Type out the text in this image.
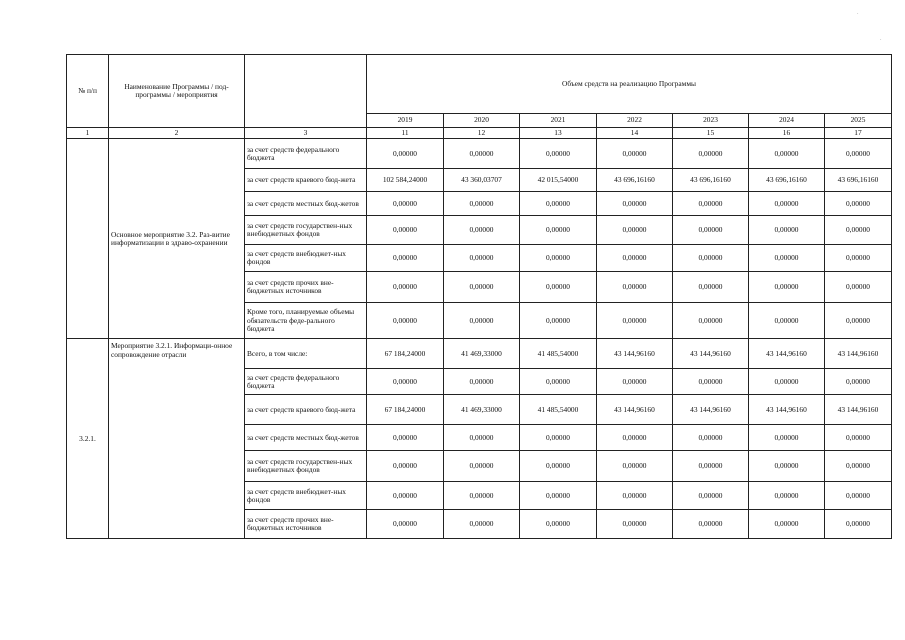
.
.
№ п/п	Наименование Программы / под-программы / мероприятия		Объем средств на реализацию Программы						
			2019	2020	2021	2022	2023	2024	2025
1	2	3	11	12	13	14	15	16	17
	Основное мероприятие 3.2. Раз-витие информатизации в здраво-охранении	за счет средств федерального бюджета	0,00000	0,00000	0,00000	0,00000	0,00000	0,00000	0,00000
		за счет средств краевого бюд-жета	102 584,24000	43 360,03707	42 015,54000	43 696,16160	43 696,16160	43 696,16160	43 696,16160
		за счет средств местных бюд-жетов	0,00000	0,00000	0,00000	0,00000	0,00000	0,00000	0,00000
		за счет средств государствен-ных внебюджетных фондов	0,00000	0,00000	0,00000	0,00000	0,00000	0,00000	0,00000
		за счет средств внебюджет-ных фондов	0,00000	0,00000	0,00000	0,00000	0,00000	0,00000	0,00000
		за счет средств прочих вне-бюджетных источников	0,00000	0,00000	0,00000	0,00000	0,00000	0,00000	0,00000
		Кроме того, планируемые объемы обязательств феде-рального бюджета	0,00000	0,00000	0,00000	0,00000	0,00000	0,00000	0,00000
3.2.1.	Мероприятие 3.2.1. Информаци-онное сопровождение отрасли	Всего, в том числе:	67 184,24000	41 469,33000	41 485,54000	43 144,96160	43 144,96160	43 144,96160	43 144,96160
		за счет средств федерального бюджета	0,00000	0,00000	0,00000	0,00000	0,00000	0,00000	0,00000
		за счет средств краевого бюд-жета	67 184,24000	41 469,33000	41 485,54000	43 144,96160	43 144,96160	43 144,96160	43 144,96160
		за счет средств местных бюд-жетов	0,00000	0,00000	0,00000	0,00000	0,00000	0,00000	0,00000
		за счет средств государствен-ных внебюджетных фондов	0,00000	0,00000	0,00000	0,00000	0,00000	0,00000	0,00000
		за счет средств внебюджет-ных фондов	0,00000	0,00000	0,00000	0,00000	0,00000	0,00000	0,00000
		за счет средств прочих вне-бюджетных источников	0,00000	0,00000	0,00000	0,00000	0,00000	0,00000	0,00000
